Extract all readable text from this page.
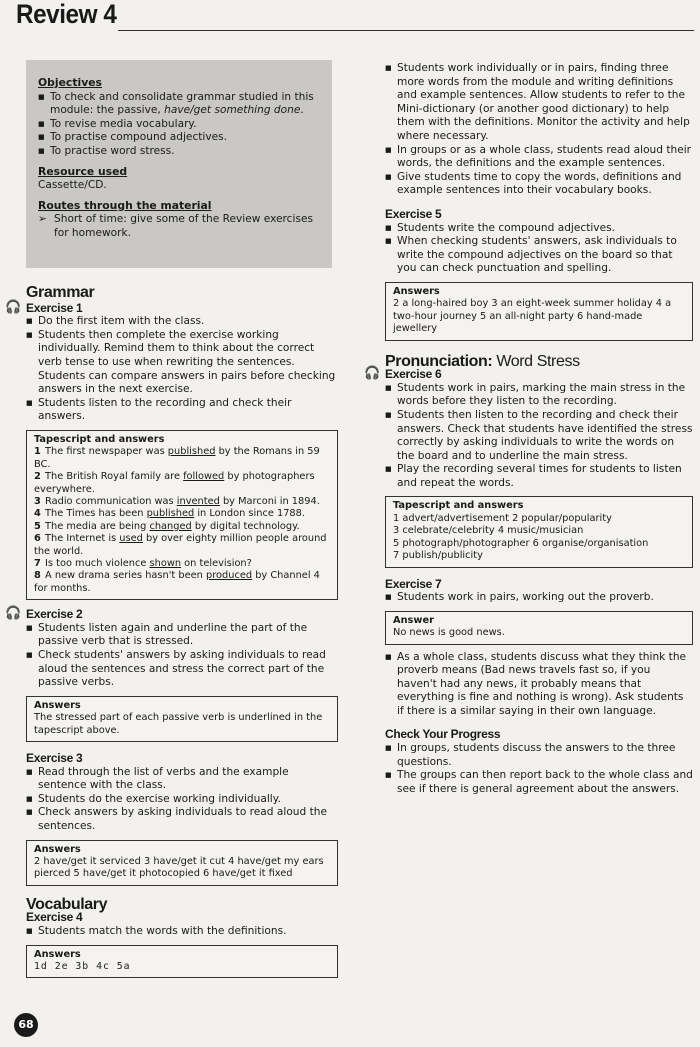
Review 4
Objectives
■ To check and consolidate grammar studied in this module: the passive, have/get something done.
■ To revise media vocabulary.
■ To practise compound adjectives.
■ To practise word stress.
Resource used
Cassette/CD.
Routes through the material
➢ Short of time: give some of the Review exercises for homework.
Grammar
🎧 Exercise 1
■ Do the first item with the class.
■ Students then complete the exercise working individually. Remind them to think about the correct verb tense to use when rewriting the sentences. Students can compare answers in pairs before checking answers in the next exercise.
■ Students listen to the recording and check their answers.
Tapescript and answers
1 The first newspaper was published by the Romans in 59 BC.
2 The British Royal family are followed by photographers everywhere.
3 Radio communication was invented by Marconi in 1894.
4 The Times has been published in London since 1788.
5 The media are being changed by digital technology.
6 The Internet is used by over eighty million people around the world.
7 Is too much violence shown on television?
8 A new drama series hasn't been produced by Channel 4 for months.
🎧 Exercise 2
■ Students listen again and underline the part of the passive verb that is stressed.
■ Check students' answers by asking individuals to read aloud the sentences and stress the correct part of the passive verbs.
Answers
The stressed part of each passive verb is underlined in the tapescript above.
Exercise 3
■ Read through the list of verbs and the example sentence with the class.
■ Students do the exercise working individually.
■ Check answers by asking individuals to read aloud the sentences.
Answers
2 have/get it serviced 3 have/get it cut 4 have/get my ears pierced 5 have/get it photocopied 6 have/get it fixed
Vocabulary
Exercise 4
■ Students match the words with the definitions.
Answers
1d 2e 3b 4c 5a
■ Students work individually or in pairs, finding three more words from the module and writing definitions and example sentences. Allow students to refer to the Mini-dictionary (or another good dictionary) to help them with the definitions. Monitor the activity and help where necessary.
■ In groups or as a whole class, students read aloud their words, the definitions and the example sentences.
■ Give students time to copy the words, definitions and example sentences into their vocabulary books.
Exercise 5
■ Students write the compound adjectives.
■ When checking students' answers, ask individuals to write the compound adjectives on the board so that you can check punctuation and spelling.
Answers
2 a long-haired boy 3 an eight-week summer holiday 4 a two-hour journey 5 an all-night party 6 hand-made jewellery
Pronunciation: Word Stress
🎧 Exercise 6
■ Students work in pairs, marking the main stress in the words before they listen to the recording.
■ Students then listen to the recording and check their answers. Check that students have identified the stress correctly by asking individuals to write the words on the board and to underline the main stress.
■ Play the recording several times for students to listen and repeat the words.
Tapescript and answers
1 advert/advertisement 2 popular/popularity
3 celebrate/celebrity 4 music/musician
5 photograph/photographer 6 organise/organisation
7 publish/publicity
Exercise 7
■ Students work in pairs, working out the proverb.
Answer
No news is good news.
■ As a whole class, students discuss what they think the proverb means (Bad news travels fast so, if you haven't had any news, it probably means that everything is fine and nothing is wrong). Ask students if there is a similar saying in their own language.
Check Your Progress
■ In groups, students discuss the answers to the three questions.
■ The groups can then report back to the whole class and see if there is general agreement about the answers.
68
